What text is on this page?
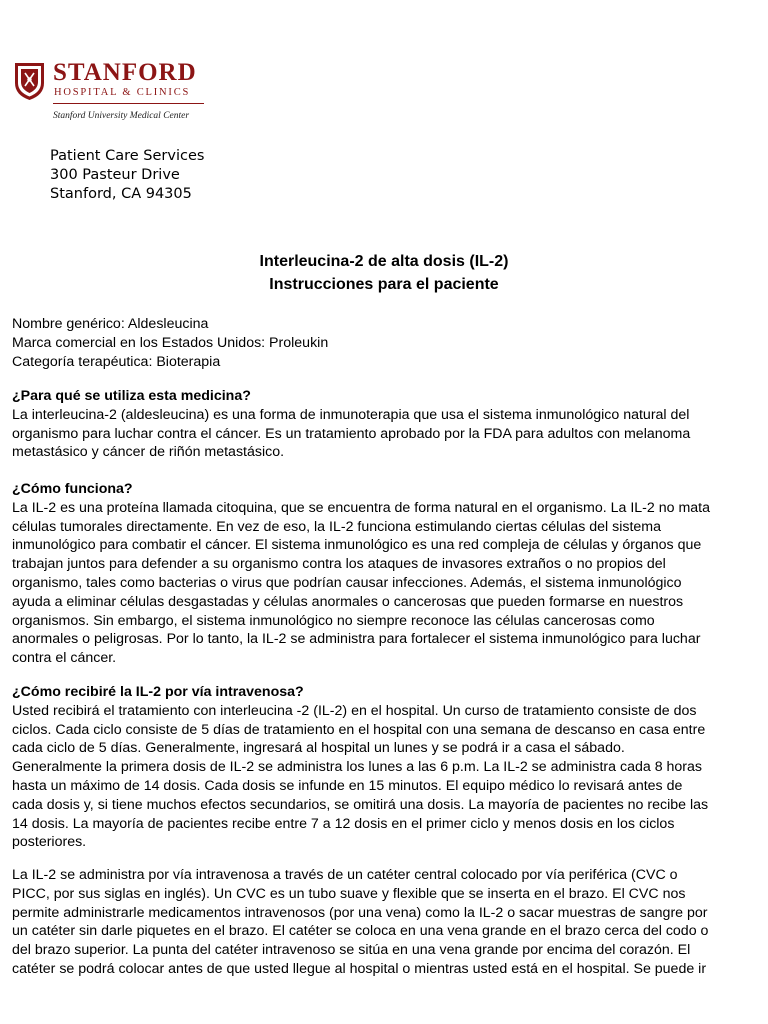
STANFORD
HOSPITAL & CLINICS
Stanford University Medical Center
Patient Care Services
300 Pasteur Drive
Stanford, CA 94305
Interleucina-2 de alta dosis (IL-2)
Instrucciones para el paciente

Nombre genérico: Aldesleucina

Marca comercial en los Estados Unidos: Proleukin

Categoría terapéutica: Bioterapia

¿Para qué se utiliza esta medicina?

La interleucina-2 (aldesleucina) es una forma de inmunoterapia que usa el sistema inmunológico natural del

organismo para luchar contra el cáncer. Es un tratamiento aprobado por la FDA para adultos con melanoma

metastásico y cáncer de riñón metastásico.

¿Cómo funciona?

La IL-2 es una proteína llamada citoquina, que se encuentra de forma natural en el organismo. La IL-2 no mata

células tumorales directamente. En vez de eso, la IL-2 funciona estimulando ciertas células del sistema

inmunológico para combatir el cáncer. El sistema inmunológico es una red compleja de células y órganos que

trabajan juntos para defender a su organismo contra los ataques de invasores extraños o no propios del

organismo, tales como bacterias o virus que podrían causar infecciones. Además, el sistema inmunológico

ayuda a eliminar células desgastadas y células anormales o cancerosas que pueden formarse en nuestros

organismos. Sin embargo, el sistema inmunológico no siempre reconoce las células cancerosas como

anormales o peligrosas. Por lo tanto, la IL-2 se administra para fortalecer el sistema inmunológico para luchar

contra el cáncer.

¿Cómo recibiré la IL-2 por vía intravenosa?

Usted recibirá el tratamiento con interleucina -2 (IL-2) en el hospital. Un curso de tratamiento consiste de dos

ciclos. Cada ciclo consiste de 5 días de tratamiento en el hospital con una semana de descanso en casa entre

cada ciclo de 5 días. Generalmente, ingresará al hospital un lunes y se podrá ir a casa el sábado.

Generalmente la primera dosis de IL-2 se administra los lunes a las 6 p.m. La IL-2 se administra cada 8 horas

hasta un máximo de 14 dosis. Cada dosis se infunde en 15 minutos. El equipo médico lo revisará antes de

cada dosis y, si tiene muchos efectos secundarios, se omitirá una dosis. La mayoría de pacientes no recibe las

14 dosis. La mayoría de pacientes recibe entre 7 a 12 dosis en el primer ciclo y menos dosis en los ciclos

posteriores.

La IL-2 se administra por vía intravenosa a través de un catéter central colocado por vía periférica (CVC o

PICC, por sus siglas en inglés). Un CVC es un tubo suave y flexible que se inserta en el brazo. El CVC nos

permite administrarle medicamentos intravenosos (por una vena) como la IL-2 o sacar muestras de sangre por

un catéter sin darle piquetes en el brazo. El catéter se coloca en una vena grande en el brazo cerca del codo o

del brazo superior. La punta del catéter intravenoso se sitúa en una vena grande por encima del corazón. El

catéter se podrá colocar antes de que usted llegue al hospital o mientras usted está en el hospital. Se puede ir
